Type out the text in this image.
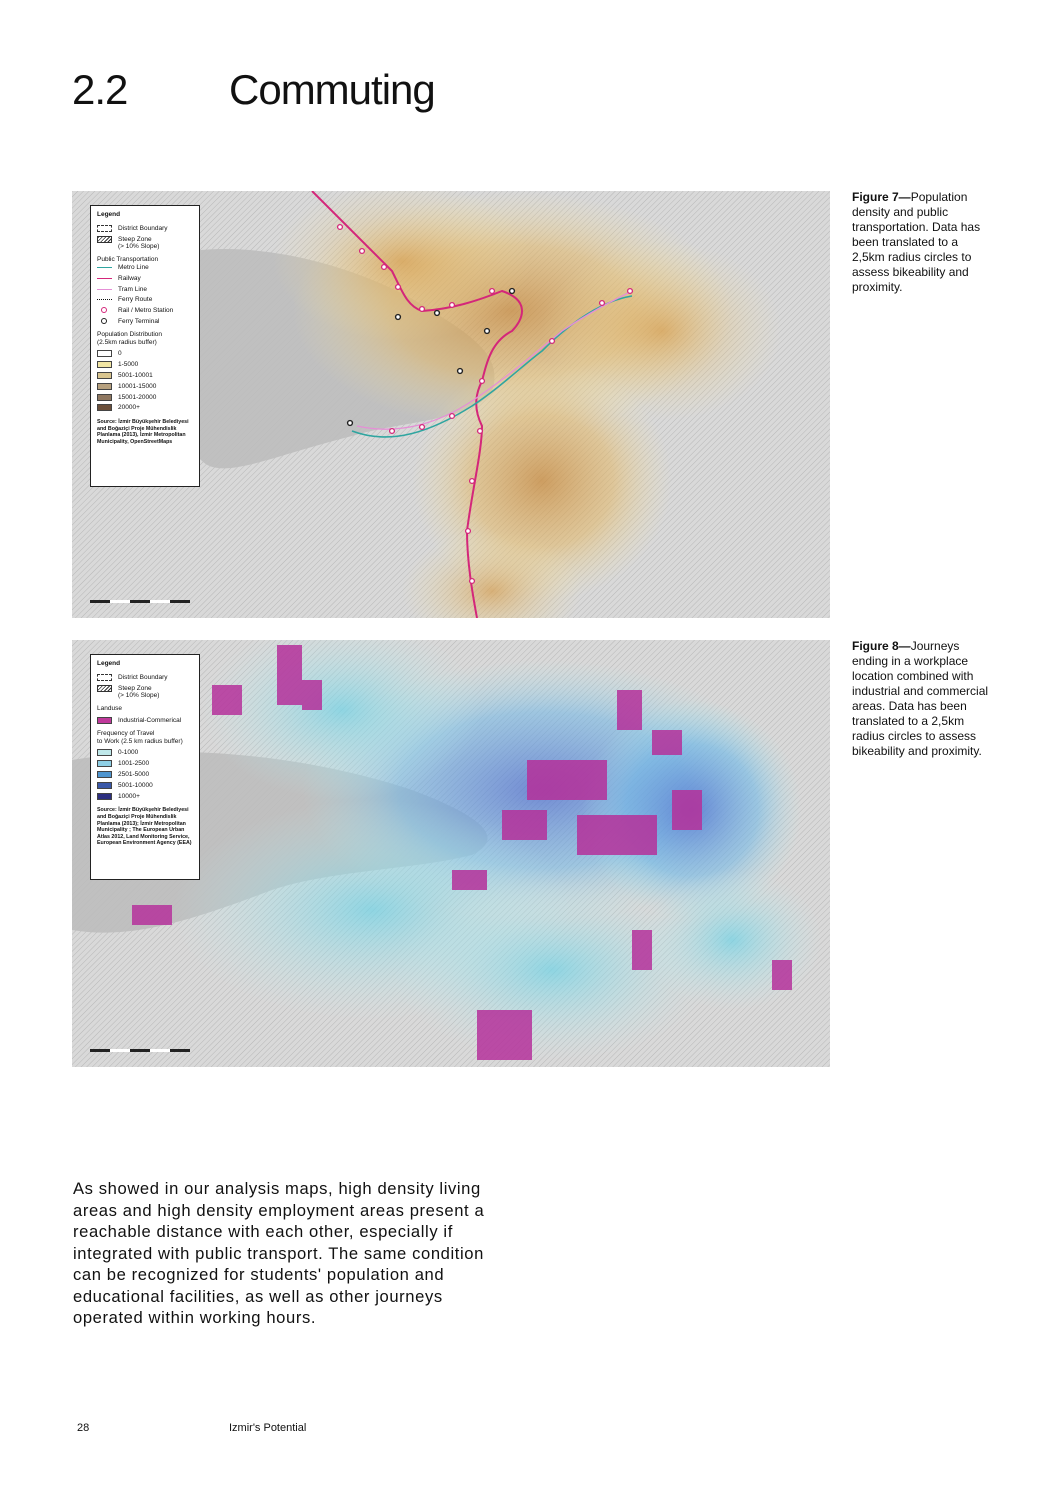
2.2 Commuting
Legend
District Boundary
Steep Zone
(> 10% Slope)
Public Transportation
Metro Line
Railway
Tram Line
Ferry Route
Rail / Metro Station
Ferry Terminal
Population Distribution
(2.5km radius buffer)
0
1-5000
5001-10001
10001-15000
15001-20000
20000+
Source: İzmir Büyükşehir Belediyesi and Boğaziçi Proje Mühendislik Planlama (2013), İzmir Metropolitan Municipality, OpenStreetMaps
Figure 7—Population density and public transportation. Data has been translated to a 2,5km radius circles to assess bikeability and proximity.
Legend
District Boundary
Steep Zone
(> 10% Slope)
Landuse
Industrial-Commerical
Frequency of Travel
to Work (2.5 km radius buffer)
0-1000
1001-2500
2501-5000
5001-10000
10000+
Source: İzmir Büyükşehir Belediyesi and Boğaziçi Proje Mühendislik Planlama (2013); İzmir Metropolitan Municipality ; The European Urban Atlas 2012, Land Monitoring Service, European Environment Agency (EEA)
Figure 8—Journeys ending in a workplace location combined with industrial and commercial areas. Data has been translated to a 2,5km radius circles to assess bikeability and proximity.
As showed in our analysis maps, high density living areas and high density employment areas present a reachable distance with each other, especially if integrated with public transport. The same condition can be recognized for students' population and educational facilities, as well as other journeys operated within working hours.
28	Izmir's Potential
